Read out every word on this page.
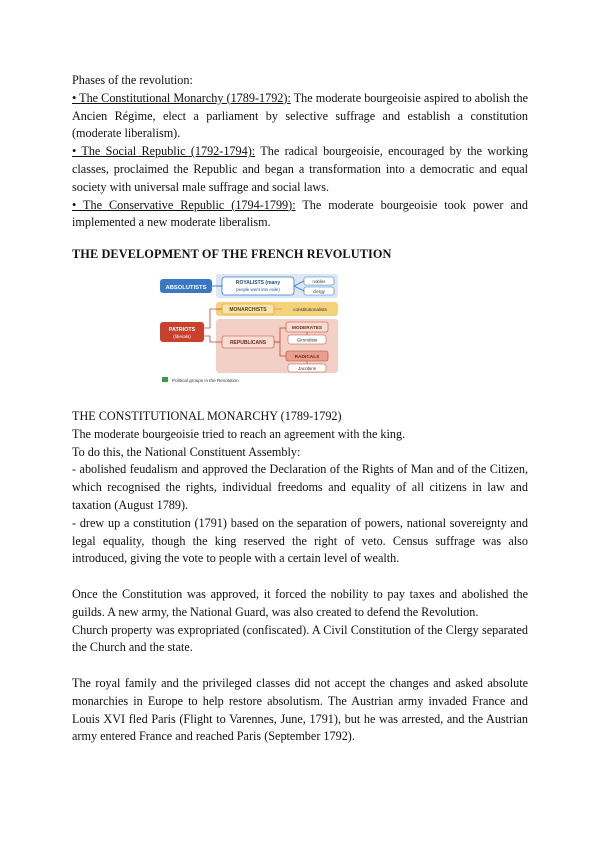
Phases of the revolution:

• The Constitutional Monarchy (1789-1792): The moderate bourgeoisie aspired to abolish the Ancien Régime, elect a parliament by selective suffrage and establish a constitution (moderate liberalism).

• The Social Republic (1792-1794): The radical bourgeoisie, encouraged by the working classes, proclaimed the Republic and began a transformation into a democratic and equal society with universal male suffrage and social laws.

• The Conservative Republic (1794-1799): The moderate bourgeoisie took power and implemented a new moderate liberalism.

THE DEVELOPMENT OF THE FRENCH REVOLUTION
ABSOLUTISTS
ROYALISTS (many
people went into exile)
nobles
clergy
MONARCHISTS	constitutionalists
PATRIOTS
(liberals)
REPUBLICANS
MODERATES
Girondists
RADICALS
Jacobins
Political groups in the Revolution

THE CONSTITUTIONAL MONARCHY (1789-1792)

The moderate bourgeoisie tried to reach an agreement with the king.

To do this, the National Constituent Assembly:

- abolished feudalism and approved the Declaration of the Rights of Man and of the Citizen, which recognised the rights, individual freedoms and equality of all citizens in law and taxation (August 1789).

- drew up a constitution (1791) based on the separation of powers, national sovereignty and legal equality, though the king reserved the right of veto. Census suffrage was also introduced, giving the vote to people with a certain level of wealth.

Once the Constitution was approved, it forced the nobility to pay taxes and abolished the guilds. A new army, the National Guard, was also created to defend the Revolution.

Church property was expropriated (confiscated). A Civil Constitution of the Clergy separated the Church and the state.

The royal family and the privileged classes did not accept the changes and asked absolute monarchies in Europe to help restore absolutism. The Austrian army invaded France and Louis XVI fled Paris (Flight to Varennes, June, 1791), but he was arrested, and the Austrian army entered France and reached Paris (September 1792).
